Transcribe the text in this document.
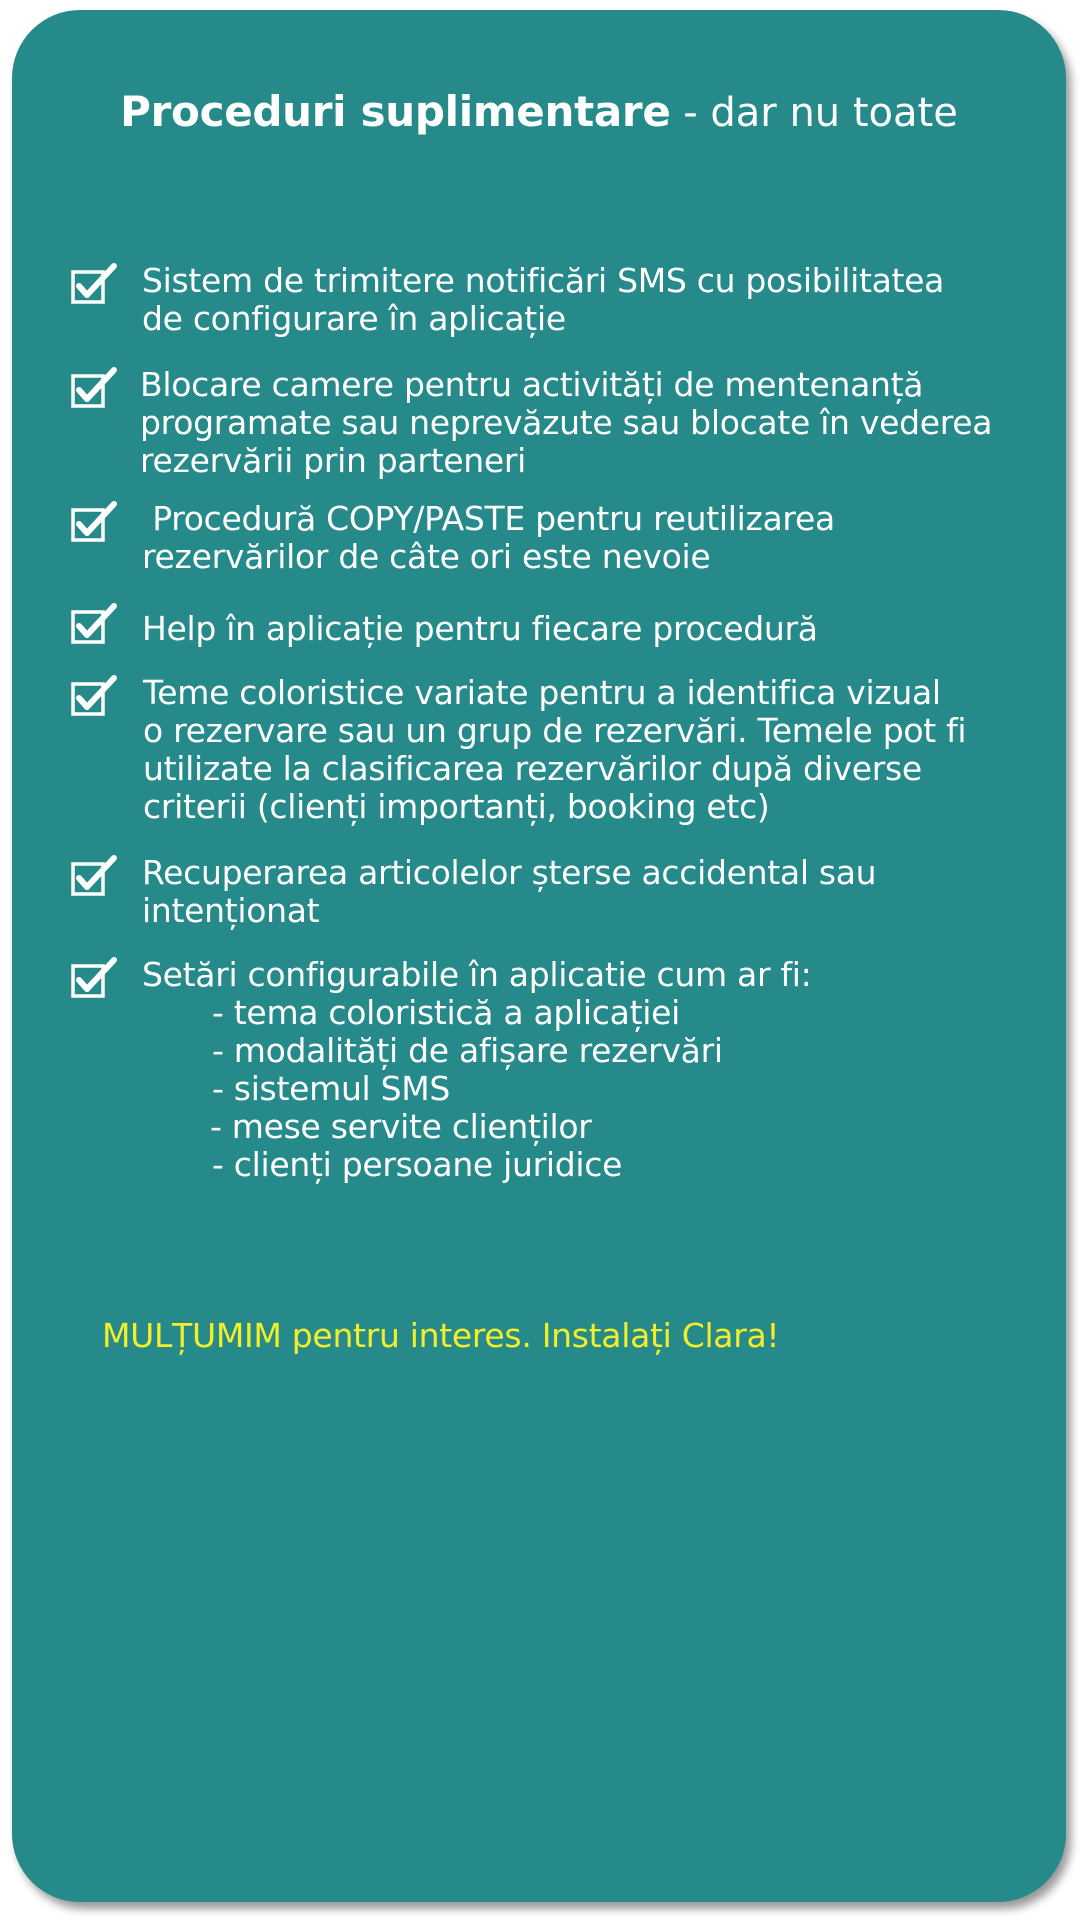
Proceduri suplimentare - dar nu toate
Sistem de trimitere notificări SMS cu posibilitatea
de configurare în aplicație
Blocare camere pentru activități de mentenanță
programate sau neprevăzute sau blocate în vederea
rezervării prin parteneri
Procedură COPY/PASTE pentru reutilizarea
rezervărilor de câte ori este nevoie
Help în aplicație pentru fiecare procedură
Teme coloristice variate pentru a identifica vizual
o rezervare sau un grup de rezervări. Temele pot fi
utilizate la clasificarea rezervărilor după diverse
criterii (clienți importanți, booking etc)
Recuperarea articolelor șterse accidental sau
intenționat
Setări configurabile în aplicatie cum ar fi:
- tema coloristică a aplicației
- modalități de afișare rezervări
- sistemul SMS
- mese servite clienților
- clienți persoane juridice
MULȚUMIM pentru interes. Instalați Clara!
